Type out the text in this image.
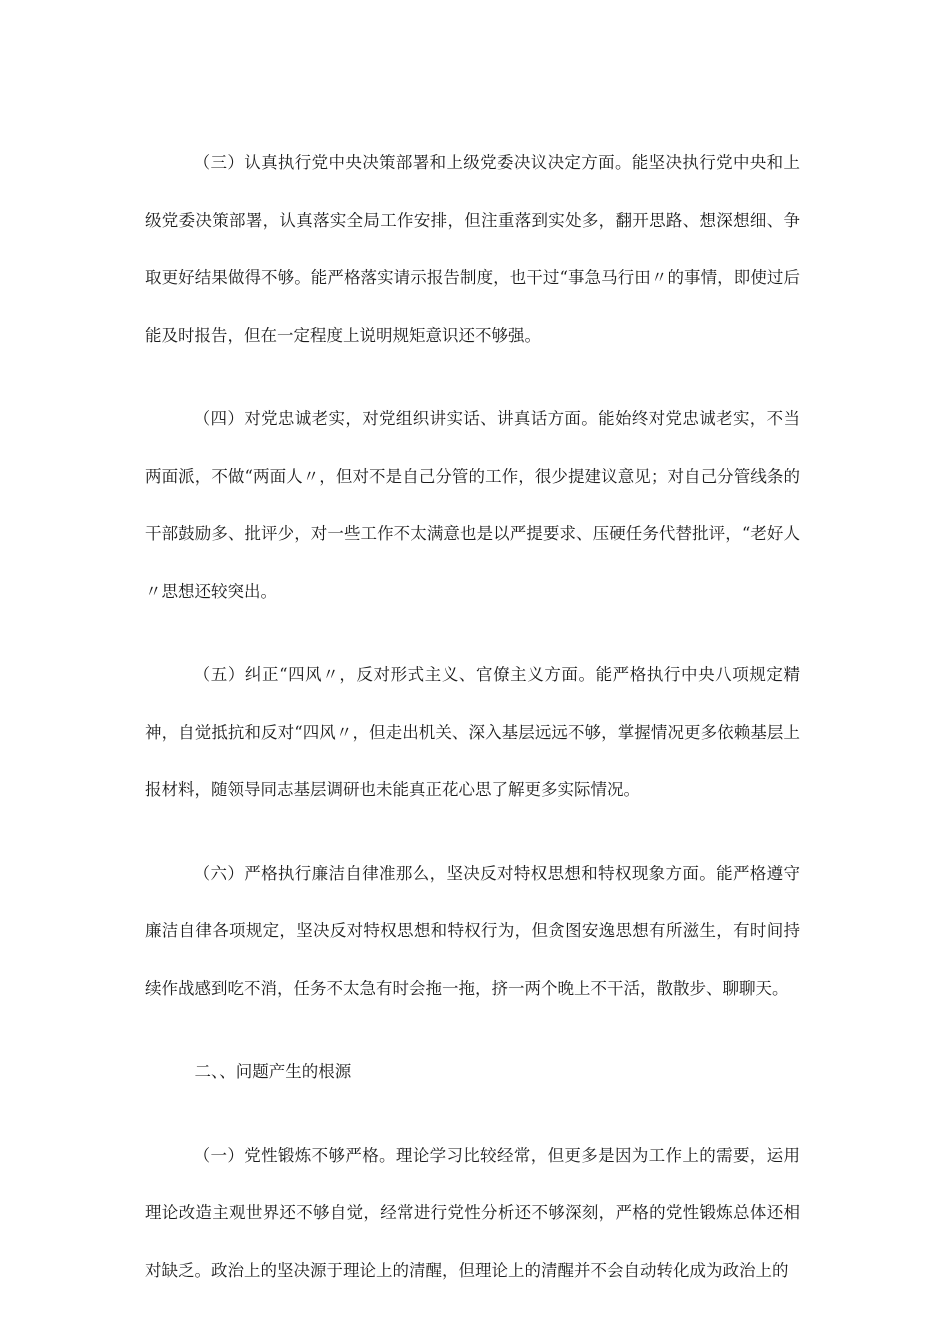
（三）认真执行党中央决策部署和上级党委决议决定方面。能坚决执行党中央和上级党委决策部署，认真落实全局工作安排，但注重落到实处多，翻开思路、想深想细、争取更好结果做得不够。能严格落实请示报告制度，也干过“事急马行田〃的事情，即使过后能及时报告，但在一定程度上说明规矩意识还不够强。

（四）对党忠诚老实，对党组织讲实话、讲真话方面。能始终对党忠诚老实，不当两面派，不做“两面人〃，但对不是自己分管的工作，很少提建议意见；对自己分管线条的干部鼓励多、批评少，对一些工作不太满意也是以严提要求、压硬任务代替批评，“老好人〃思想还较突出。

（五）纠正“四风〃，反对形式主义、官僚主义方面。能严格执行中央八项规定精神，自觉抵抗和反对“四风〃，但走出机关、深入基层远远不够，掌握情况更多依赖基层上报材料，随领导同志基层调研也未能真正花心思了解更多实际情况。

（六）严格执行廉洁自律准那么，坚决反对特权思想和特权现象方面。能严格遵守廉洁自律各项规定，坚决反对特权思想和特权行为，但贪图安逸思想有所滋生，有时间持续作战感到吃不消，任务不太急有时会拖一拖，挤一两个晚上不干活，散散步、聊聊天。

二、、问题产生的根源

（一）党性锻炼不够严格。理论学习比较经常，但更多是因为工作上的需要，运用理论改造主观世界还不够自觉，经常进行党性分析还不够深刻，严格的党性锻炼总体还相对缺乏。政治上的坚决源于理论上的清醒，但理论上的清醒并不会自动转化成为政治上的
